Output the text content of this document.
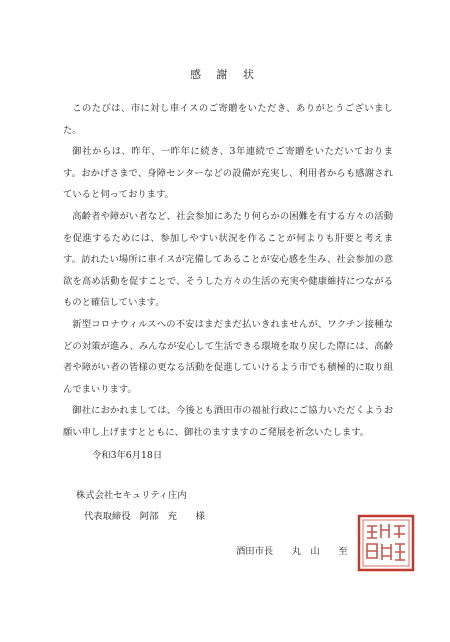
感 謝 状

このたびは、市に対し車イスのご寄贈をいただき、ありがとうございました。

御社からは、昨年、一昨年に続き、3年連続でご寄贈をいただいております。おかげさまで、身障センターなどの設備が充実し、利用者からも感謝されていると伺っております。

高齢者や障がい者など、社会参加にあたり何らかの困難を有する方々の活動を促進するためには、参加しやすい状況を作ることが何よりも肝要と考えます。訪れたい場所に車イスが完備してあることが安心感を生み、社会参加の意欲を高め活動を促すことで、そうした方々の生活の充実や健康維持につながるものと確信しています。

新型コロナウィルスへの不安はまだまだ払いきれませんが、ワクチン接種などの対策が進み、みんなが安心して生活できる環境を取り戻した際には、高齢者や障がい者の皆様の更なる活動を促進していけるよう市でも積極的に取り組んでまいります。

御社におかれましては、今後とも酒田市の福祉行政にご協力いただくようお願い申し上げますとともに、御社のますますのご発展を祈念いたします。

令和3年6月18日
株式会社セキュリティ庄内
代表取締役　阿部　充　　様
酒田市長　　丸　山　　至
